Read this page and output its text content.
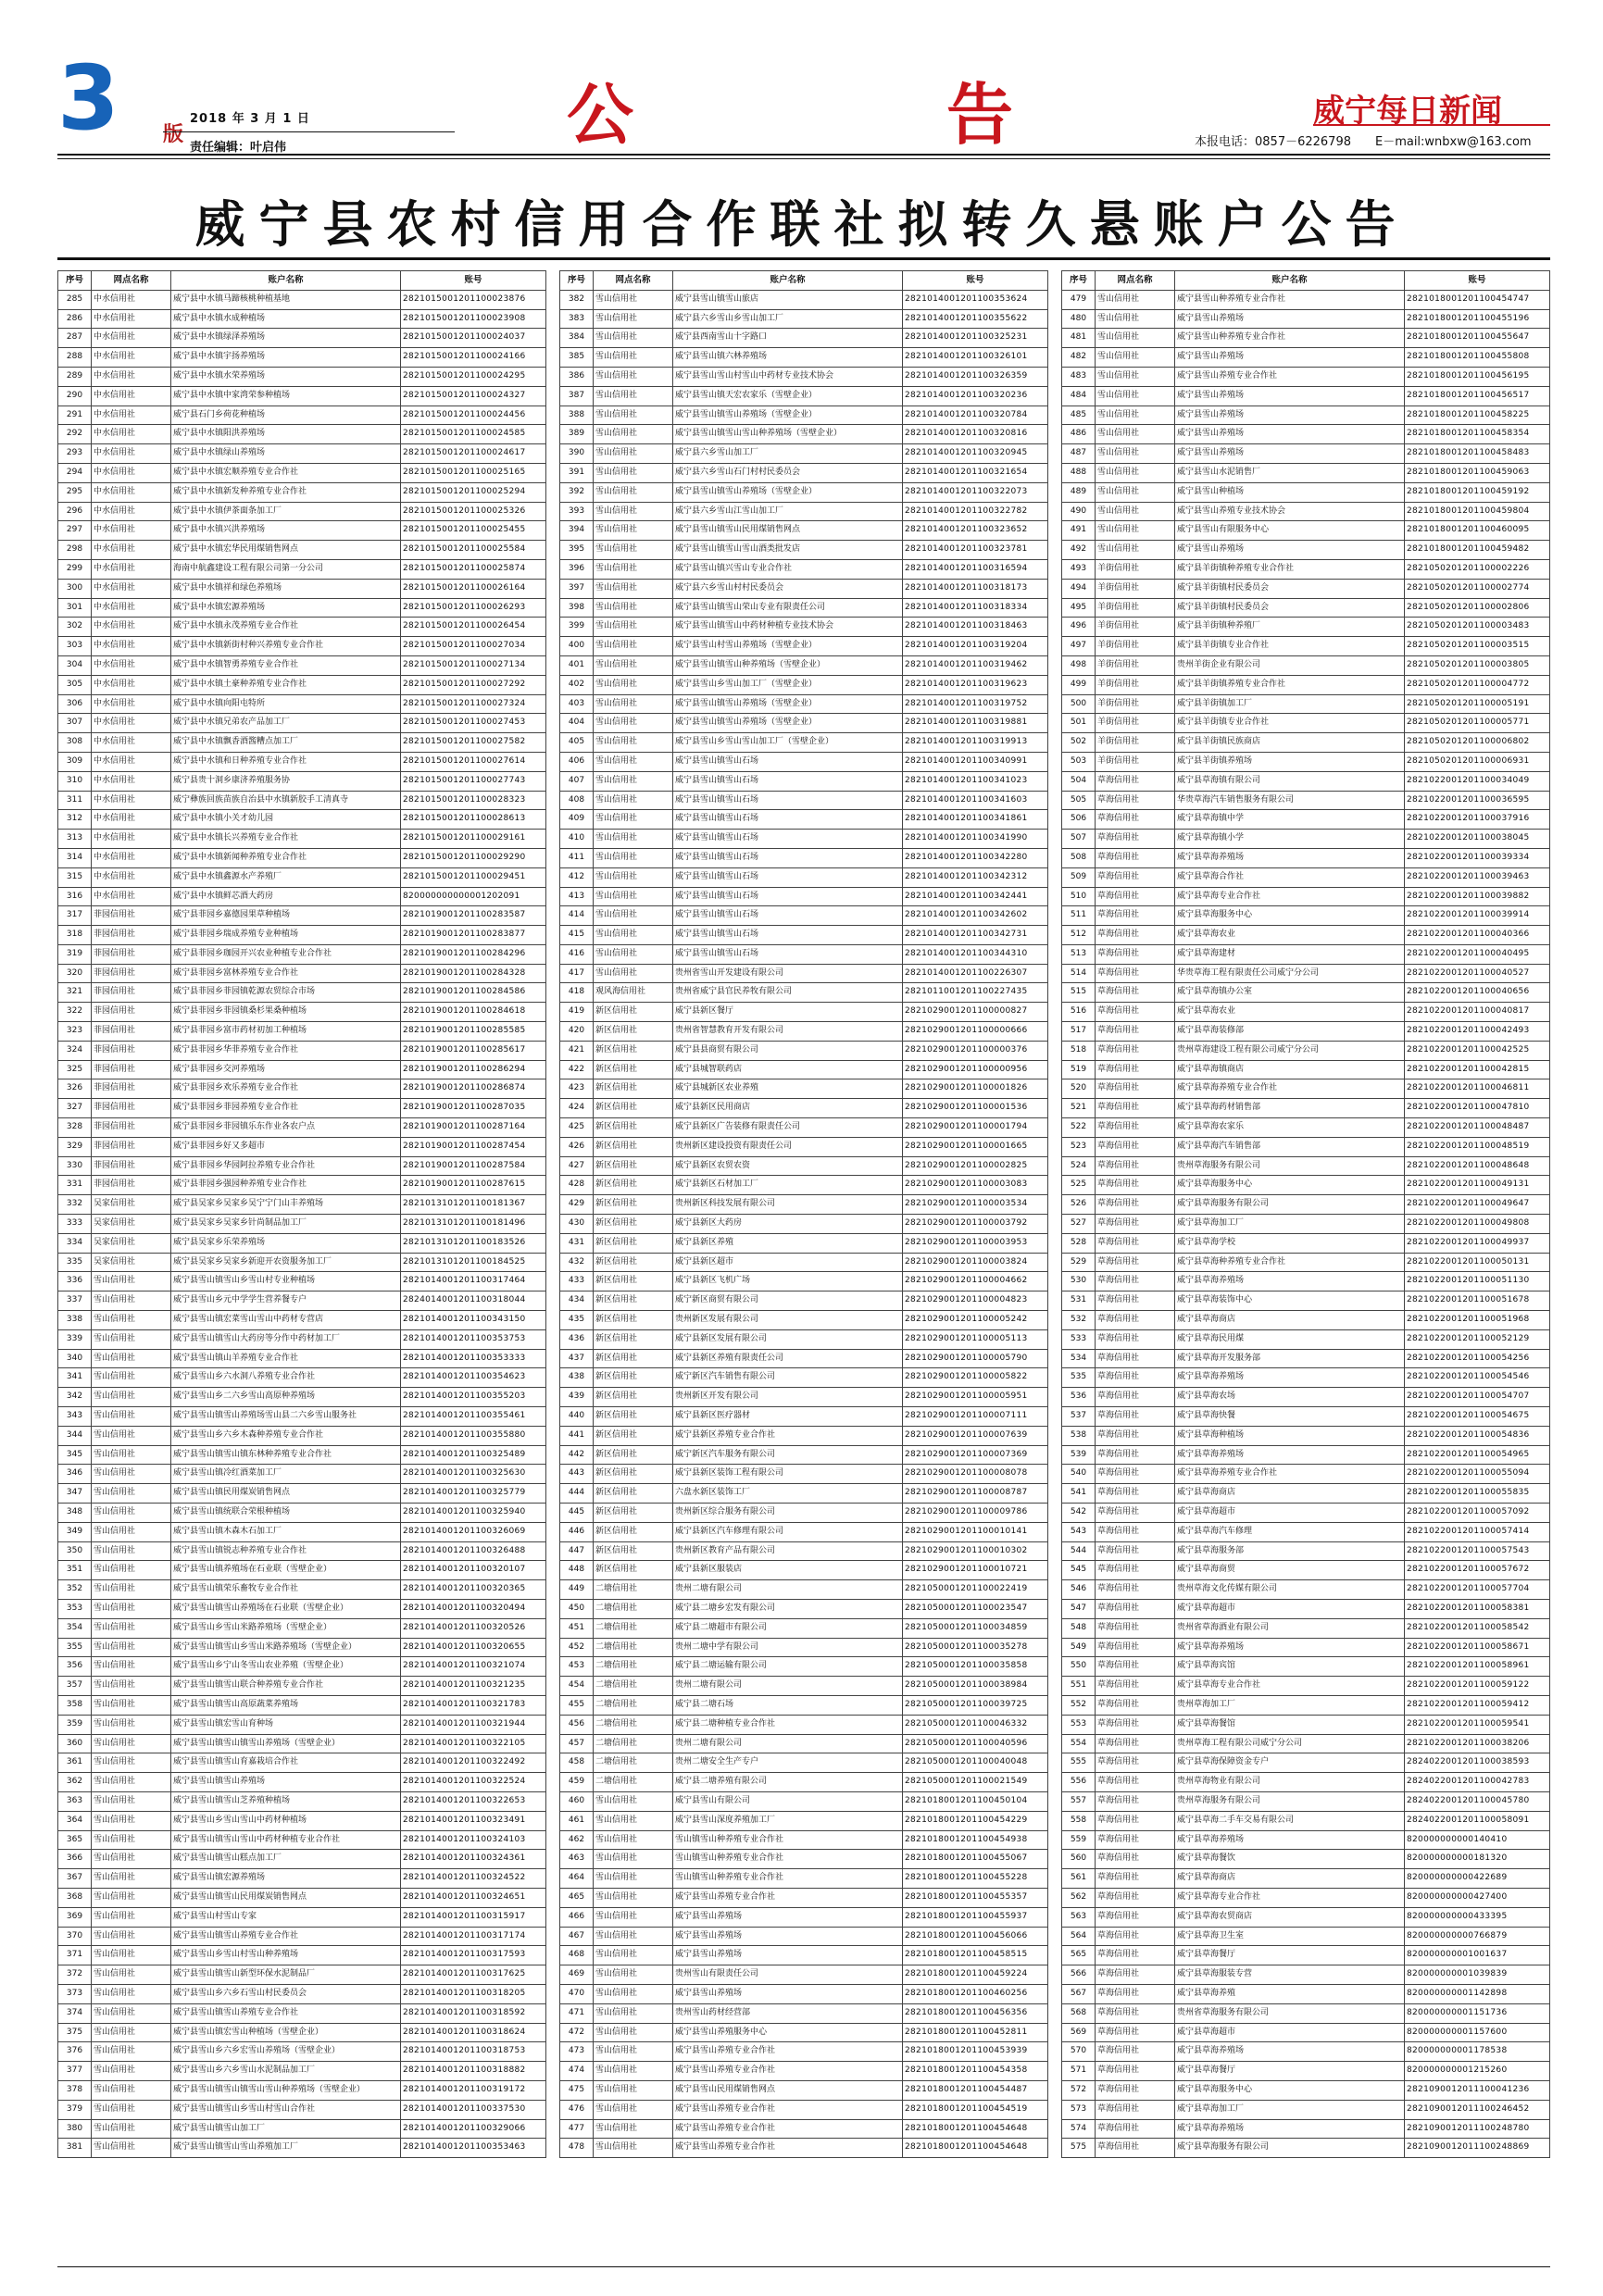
3 版
2018 年 3 月 1 日
责任编辑：叶启伟	公	告	威宁每日新闻
本报电话：0857－6226798　　E－mail:wnbxw@163.com
威宁县农村信用合作联社拟转久悬账户公告
序号	网点名称	账户名称	账号
285	中水信用社	威宁县中水镇马蹄核桃种植基地	2821015001201100023876
286	中水信用社	威宁县中水镇水成种植场	2821015001201100023908
287	中水信用社	威宁县中水镇绿泽养殖场	2821015001201100024037
288	中水信用社	威宁县中水镇宇扬养殖场	2821015001201100024166
289	中水信用社	威宁县中水镇水荣养殖场	2821015001201100024295
290	中水信用社	威宁县中水镇中家湾荣参种植场	2821015001201100024327
291	中水信用社	威宁县石门乡荷花种植场	2821015001201100024456
292	中水信用社	威宁县中水镇阳洪养殖场	2821015001201100024585
293	中水信用社	威宁县中水镇绿山养殖场	2821015001201100024617
294	中水信用社	威宁县中水镇宏顺养殖专业合作社	2821015001201100025165
295	中水信用社	威宁县中水镇新发种养殖专业合作社	2821015001201100025294
296	中水信用社	威宁县中水镇伊茶面条加工厂	2821015001201100025326
297	中水信用社	威宁县中水镇兴洪养殖场	2821015001201100025455
298	中水信用社	威宁县中水镇宏华民用煤销售网点	2821015001201100025584
299	中水信用社	海南中航鑫建设工程有限公司第一分公司	2821015001201100025874
300	中水信用社	威宁县中水镇祥和绿色养殖场	2821015001201100026164
301	中水信用社	威宁县中水镇宏源养殖场	2821015001201100026293
302	中水信用社	威宁县中水镇永茂养殖专业合作社	2821015001201100026454
303	中水信用社	威宁县中水镇新街村种兴养殖专业合作社	2821015001201100027034
304	中水信用社	威宁县中水镇智勇养殖专业合作社	2821015001201100027134
305	中水信用社	威宁县中水镇土豪种养殖专业合作社	2821015001201100027292
306	中水信用社	威宁县中水镇向阳屯特所	2821015001201100027324
307	中水信用社	威宁县中水镇兄弟农产品加工厂	2821015001201100027453
308	中水信用社	威宁县中水镇飘香酒酱糟点加工厂	2821015001201100027582
309	中水信用社	威宁县中水镇和日种养殖专业合作社	2821015001201100027614
310	中水信用社	威宁县贵十洞乡康济养殖服务协	2821015001201100027743
311	中水信用社	威宁彝族回族苗族自治县中水镇新胶手工清真寺	2821015001201100028323
312	中水信用社	威宁县中水镇小关才幼儿园	2821015001201100028613
313	中水信用社	威宁县中水镇长兴养殖专业合作社	2821015001201100029161
314	中水信用社	威宁县中水镇新闻种养殖专业合作社	2821015001201100029290
315	中水信用社	威宁县中水镇鑫源水产养殖厂	2821015001201100029451
316	中水信用社	威宁县中水镇鲜芯酒大药房	820000000000001202091
317	菲园信用社	威宁县菲园乡嘉德园果草种植场	2821019001201100283587
318	菲园信用社	威宁县菲园乡瑞成养殖专业种植场	2821019001201100283877
319	菲园信用社	威宁县菲园乡珈园开兴农业种植专业合作社	2821019001201100284296
320	菲园信用社	威宁县菲园乡富林养殖专业合作社	2821019001201100284328
321	菲园信用社	威宁县菲园乡菲园镇乾源农贸综合市场	2821019001201100284586
322	菲园信用社	威宁县菲园乡菲园镇桑杉果桑种植场	2821019001201100284618
323	菲园信用社	威宁县菲园乡富市药材初加工种植场	2821019001201100285585
324	菲园信用社	威宁县菲园乡华菲养殖专业合作社	2821019001201100285617
325	菲园信用社	威宁县菲园乡交河养殖场	2821019001201100286294
326	菲园信用社	威宁县菲园乡欢乐养殖专业合作社	2821019001201100286874
327	菲园信用社	威宁县菲园乡菲园养殖专业合作社	2821019001201100287035
328	菲园信用社	威宁县菲园乡菲园镇乐东作业各农户点	2821019001201100287164
329	菲园信用社	威宁县菲园乡好又多超市	2821019001201100287454
330	菲园信用社	威宁县菲园乡华园阿拉养殖专业合作社	2821019001201100287584
331	菲园信用社	威宁县菲园乡强园种养殖专业合作社	2821019001201100287615
332	吴家信用社	威宁县吴家乡吴家乡吴宁宁门山丰养殖场	2821013101201100181367
333	吴家信用社	威宁县吴家乡吴家乡针尚制品加工厂	2821013101201100181496
334	吴家信用社	威宁县吴家乡乐荣养殖场	2821013101201100183526
335	吴家信用社	威宁县吴家乡吴家乡新迎开农资服务加工厂	2821013101201100184525
336	雪山信用社	威宁县雪山镇雪山乡雪山村专业种植场	2821014001201100317464
337	雪山信用社	威宁县雪山乡元中学学生营养餐专户	2824014001201100318044
338	雪山信用社	威宁县雪山镇宏菜雪山雪山中药材专营店	2821014001201100343150
339	雪山信用社	威宁县雪山镇雪山大药房等分作中药材加工厂	2821014001201100353753
340	雪山信用社	威宁县雪山镇山羊养殖专业合作社	2821014001201100353333
341	雪山信用社	威宁县雪山乡六水洞八养殖专业合作社	2821014001201100354623
342	雪山信用社	威宁县雪山乡二六乡雪山高原种养殖场	2821014001201100355203
343	雪山信用社	威宁县雪山镇雪山养殖场雪山县二六乡雪山服务社	2821014001201100355461
344	雪山信用社	威宁县雪山乡六乡木森种养殖专业合作社	2821014001201100355880
345	雪山信用社	威宁县雪山镇雪山镇东林种养殖专业合作社	2821014001201100325489
346	雪山信用社	威宁县雪山镇冷红酒菜加工厂	2821014001201100325630
347	雪山信用社	威宁县雪山镇民用煤炭销售网点	2821014001201100325779
348	雪山信用社	威宁县雪山镇统联合荣根种植场	2821014001201100325940
349	雪山信用社	威宁县雪山镇木森木石加工厂	2821014001201100326069
350	雪山信用社	威宁县雪山镇锐志种养殖专业合作社	2821014001201100326488
351	雪山信用社	威宁县雪山镇养殖场在石业联（雪壁企业）	2821014001201100320107
352	雪山信用社	威宁县雪山镇荣乐畜牧专业合作社	2821014001201100320365
353	雪山信用社	威宁县雪山镇雪山养殖场在石业联（雪壁企业）	2821014001201100320494
354	雪山信用社	威宁县雪山乡雪山米路养殖场（雪壁企业）	2821014001201100320526
355	雪山信用社	威宁县雪山镇雪山乡雪山米路养殖场（雪壁企业）	2821014001201100320655
356	雪山信用社	威宁县雪山乡宁山冬雪山农业养殖（雪壁企业）	2821014001201100321074
357	雪山信用社	威宁县雪山镇雪山联合种养殖专业合作社	2821014001201100321235
358	雪山信用社	威宁县雪山镇雪山高原蔬菜养殖场	2821014001201100321783
359	雪山信用社	威宁县雪山镇宏雪山育种场	2821014001201100321944
360	雪山信用社	威宁县雪山镇雪山镇雪山养殖场（雪壁企业）	2821014001201100322105
361	雪山信用社	威宁县雪山镇雪山育嘉栽培合作社	2821014001201100322492
362	雪山信用社	威宁县雪山镇雪山养殖场	2821014001201100322524
363	雪山信用社	威宁县雪山镇雪山芝养殖种植场	2821014001201100322653
364	雪山信用社	威宁县雪山乡雪山雪山中药材种植场	2821014001201100323491
365	雪山信用社	威宁县雪山镇雪山雪山中药材种植专业合作社	2821014001201100324103
366	雪山信用社	威宁县雪山镇雪山糕点加工厂	2821014001201100324361
367	雪山信用社	威宁县雪山镇宏源养殖场	2821014001201100324522
368	雪山信用社	威宁县雪山镇雪山民用煤炭销售网点	2821014001201100324651
369	雪山信用社	威宁县雪山村雪山专家	2821014001201100315917
370	雪山信用社	威宁县雪山镇雪山养殖专业合作社	2821014001201100317174
371	雪山信用社	威宁县雪山乡雪山村雪山种养殖场	2821014001201100317593
372	雪山信用社	威宁县雪山镇雪山新型环保水泥制品厂	2821014001201100317625
373	雪山信用社	威宁县雪山乡六乡石雪山村民委员会	2821014001201100318205
374	雪山信用社	威宁县雪山镇雪山养殖专业合作社	2821014001201100318592
375	雪山信用社	威宁县雪山镇宏雪山种植场（雪壁企业）	2821014001201100318624
376	雪山信用社	威宁县雪山乡六乡宏雪山养殖场（雪壁企业）	2821014001201100318753
377	雪山信用社	威宁县雪山乡六乡雪山水泥制品加工厂	2821014001201100318882
378	雪山信用社	威宁县雪山镇雪山镇雪山雪山种养殖场（雪壁企业）	2821014001201100319172
379	雪山信用社	威宁县雪山镇雪山乡雪山村雪山合作社	2821014001201100337530
380	雪山信用社	威宁县雪山镇雪山加工厂	2821014001201100329066
381	雪山信用社	威宁县雪山镇雪山雪山养殖加工厂	2821014001201100353463
序号	网点名称	账户名称	账号
382	雪山信用社	威宁县雪山镇雪山旅店	2821014001201100353624
383	雪山信用社	威宁县六乡雪山乡雪山加工厂	2821014001201100355622
384	雪山信用社	威宁县西南雪山十字路口	2821014001201100325231
385	雪山信用社	威宁县雪山镇六林养殖场	2821014001201100326101
386	雪山信用社	威宁县雪山雪山村雪山中药材专业技术协会	2821014001201100326359
387	雪山信用社	威宁县雪山镇天宏农家乐（雪壁企业）	2821014001201100320236
388	雪山信用社	威宁县雪山镇雪山养殖场（雪壁企业）	2821014001201100320784
389	雪山信用社	威宁县雪山镇雪山雪山种养殖场（雪壁企业）	2821014001201100320816
390	雪山信用社	威宁县六乡雪山加工厂	2821014001201100320945
391	雪山信用社	威宁县六乡雪山石门村村民委员会	2821014001201100321654
392	雪山信用社	威宁县雪山镇雪山养殖场（雪壁企业）	2821014001201100322073
393	雪山信用社	威宁县六乡雪山江雪山加工厂	2821014001201100322782
394	雪山信用社	威宁县雪山镇雪山民用煤销售网点	2821014001201100323652
395	雪山信用社	威宁县雪山镇雪山雪山酒类批发店	2821014001201100323781
396	雪山信用社	威宁县雪山镇兴雪山专业合作社	2821014001201100316594
397	雪山信用社	威宁县六乡雪山村村民委员会	2821014001201100318173
398	雪山信用社	威宁县雪山镇雪山荣山专业有限责任公司	2821014001201100318334
399	雪山信用社	威宁县雪山镇雪山中药材种植专业技术协会	2821014001201100318463
400	雪山信用社	威宁县雪山村雪山养殖场（雪壁企业）	2821014001201100319204
401	雪山信用社	威宁县雪山镇雪山种养殖场（雪壁企业）	2821014001201100319462
402	雪山信用社	威宁县雪山乡雪山加工厂（雪壁企业）	2821014001201100319623
403	雪山信用社	威宁县雪山镇雪山养殖场（雪壁企业）	2821014001201100319752
404	雪山信用社	威宁县雪山镇雪山养殖场（雪壁企业）	2821014001201100319881
405	雪山信用社	威宁县雪山乡雪山雪山加工厂（雪壁企业）	2821014001201100319913
406	雪山信用社	威宁县雪山镇雪山石场	2821014001201100340991
407	雪山信用社	威宁县雪山镇雪山石场	2821014001201100341023
408	雪山信用社	威宁县雪山镇雪山石场	2821014001201100341603
409	雪山信用社	威宁县雪山镇雪山石场	2821014001201100341861
410	雪山信用社	威宁县雪山镇雪山石场	2821014001201100341990
411	雪山信用社	威宁县雪山镇雪山石场	2821014001201100342280
412	雪山信用社	威宁县雪山镇雪山石场	2821014001201100342312
413	雪山信用社	威宁县雪山镇雪山石场	2821014001201100342441
414	雪山信用社	威宁县雪山镇雪山石场	2821014001201100342602
415	雪山信用社	威宁县雪山镇雪山石场	2821014001201100342731
416	雪山信用社	威宁县雪山镇雪山石场	2821014001201100344310
417	雪山信用社	贵州省雪山开发建设有限公司	2821014001201100226307
418	观风海信用社	贵州省威宁县官民养牧有限公司	2821011001201100227435
419	新区信用社	威宁县新区餐厅	2821029001201100000827
420	新区信用社	贵州省智慧教育开发有限公司	2821029001201100000666
421	新区信用社	威宁县县商贸有限公司	2821029001201100000376
422	新区信用社	威宁县城智联药店	2821029001201100000956
423	新区信用社	威宁县城新区农业养殖	2821029001201100001826
424	新区信用社	威宁县新区民用商店	2821029001201100001536
425	新区信用社	威宁县新区广告装修有限责任公司	2821029001201100001794
426	新区信用社	贵州新区建设投资有限责任公司	2821029001201100001665
427	新区信用社	威宁县新区农贸农资	2821029001201100002825
428	新区信用社	威宁县新区石材加工厂	2821029001201100003083
429	新区信用社	贵州新区科技发展有限公司	2821029001201100003534
430	新区信用社	威宁县新区大药房	2821029001201100003792
431	新区信用社	威宁县新区养殖	2821029001201100003953
432	新区信用社	威宁县新区超市	2821029001201100003824
433	新区信用社	威宁县新区飞机广场	2821029001201100004662
434	新区信用社	威宁新区商贸有限公司	2821029001201100004823
435	新区信用社	贵州新区发展有限公司	2821029001201100005242
436	新区信用社	威宁县新区发展有限公司	2821029001201100005113
437	新区信用社	威宁县新区养殖有限责任公司	2821029001201100005790
438	新区信用社	威宁新区汽车销售有限公司	2821029001201100005822
439	新区信用社	贵州新区开发有限公司	2821029001201100005951
440	新区信用社	威宁县新区医疗器材	2821029001201100007111
441	新区信用社	威宁县新区养殖专业合作社	2821029001201100007639
442	新区信用社	威宁新区汽车服务有限公司	2821029001201100007369
443	新区信用社	威宁县新区装饰工程有限公司	2821029001201100008078
444	新区信用社	六盘水新区装饰工厂	2821029001201100008787
445	新区信用社	贵州新区综合服务有限公司	2821029001201100009786
446	新区信用社	威宁县新区汽车修理有限公司	2821029001201100010141
447	新区信用社	贵州新区教育产品有限公司	2821029001201100010302
448	新区信用社	威宁县新区服装店	2821029001201100010721
449	二塘信用社	贵州二塘有限公司	2821050001201100022419
450	二塘信用社	威宁县二塘乡宏发有限公司	2821050001201100023547
451	二塘信用社	威宁县二塘超市有限公司	2821050001201100034859
452	二塘信用社	贵州二塘中学有限公司	2821050001201100035278
453	二塘信用社	威宁县二塘运输有限公司	2821050001201100035858
454	二塘信用社	贵州二塘有限公司	2821050001201100038984
455	二塘信用社	威宁县二塘石场	2821050001201100039725
456	二塘信用社	威宁县二塘种植专业合作社	2821050001201100046332
457	二塘信用社	贵州二塘有限公司	2821050001201100040596
458	二塘信用社	贵州二塘安全生产专户	2821050001201100040048
459	二塘信用社	威宁县二塘养殖有限公司	2821050001201100021549
460	雪山信用社	威宁县雪山有限公司	2821018001201100450104
461	雪山信用社	威宁县雪山深度养殖加工厂	2821018001201100454229
462	雪山信用社	雪山镇雪山种养殖专业合作社	2821018001201100454938
463	雪山信用社	雪山镇雪山种养殖专业合作社	2821018001201100455067
464	雪山信用社	雪山镇雪山种养殖专业合作社	2821018001201100455228
465	雪山信用社	威宁县雪山养殖专业合作社	2821018001201100455357
466	雪山信用社	威宁县雪山养殖场	2821018001201100455937
467	雪山信用社	威宁县雪山养殖场	2821018001201100456066
468	雪山信用社	威宁县雪山养殖场	2821018001201100458515
469	雪山信用社	贵州雪山有限责任公司	2821018001201100459224
470	雪山信用社	威宁县雪山养殖场	2821018001201100460256
471	雪山信用社	贵州雪山药材经营部	2821018001201100456356
472	雪山信用社	威宁县雪山养殖服务中心	2821018001201100452811
473	雪山信用社	威宁县雪山养殖专业合作社	2821018001201100453939
474	雪山信用社	威宁县雪山养殖专业合作社	2821018001201100454358
475	雪山信用社	威宁县雪山民用煤销售网点	2821018001201100454487
476	雪山信用社	威宁县雪山养殖专业合作社	2821018001201100454519
477	雪山信用社	威宁县雪山养殖专业合作社	2821018001201100454648
478	雪山信用社	威宁县雪山养殖专业合作社	2821018001201100454648
序号	网点名称	账户名称	账号
479	雪山信用社	威宁县雪山种养殖专业合作社	2821018001201100454747
480	雪山信用社	威宁县雪山养殖场	2821018001201100455196
481	雪山信用社	威宁县雪山种养殖专业合作社	2821018001201100455647
482	雪山信用社	威宁县雪山养殖场	2821018001201100455808
483	雪山信用社	威宁县雪山养殖专业合作社	2821018001201100456195
484	雪山信用社	威宁县雪山养殖场	2821018001201100456517
485	雪山信用社	威宁县雪山养殖场	2821018001201100458225
486	雪山信用社	威宁县雪山养殖场	2821018001201100458354
487	雪山信用社	威宁县雪山养殖场	2821018001201100458483
488	雪山信用社	威宁县雪山水泥销售厂	2821018001201100459063
489	雪山信用社	威宁县雪山种植场	2821018001201100459192
490	雪山信用社	威宁县雪山养殖专业技术协会	2821018001201100459804
491	雪山信用社	威宁县雪山有限服务中心	2821018001201100460095
492	雪山信用社	威宁县雪山养殖场	2821018001201100459482
493	羊街信用社	威宁县羊街镇种养殖专业合作社	2821050201201100002226
494	羊街信用社	威宁县羊街镇村民委员会	2821050201201100002774
495	羊街信用社	威宁县羊街镇村民委员会	2821050201201100002806
496	羊街信用社	威宁县羊街镇种养殖厂	2821050201201100003483
497	羊街信用社	威宁县羊街镇专业合作社	2821050201201100003515
498	羊街信用社	贵州羊街企业有限公司	2821050201201100003805
499	羊街信用社	威宁县羊街镇养殖专业合作社	2821050201201100004772
500	羊街信用社	威宁县羊街镇加工厂	2821050201201100005191
501	羊街信用社	威宁县羊街镇专业合作社	2821050201201100005771
502	羊街信用社	威宁县羊街镇民族商店	2821050201201100006802
503	羊街信用社	威宁县羊街镇养殖场	2821050201201100006931
504	草海信用社	威宁县草海镇有限公司	2821022001201100034049
505	草海信用社	华贵草海汽车销售服务有限公司	2821022001201100036595
506	草海信用社	威宁县草海镇中学	2821022001201100037916
507	草海信用社	威宁县草海镇小学	2821022001201100038045
508	草海信用社	威宁县草海养殖场	2821022001201100039334
509	草海信用社	威宁县草海合作社	2821022001201100039463
510	草海信用社	威宁县草海专业合作社	2821022001201100039882
511	草海信用社	威宁县草海服务中心	2821022001201100039914
512	草海信用社	威宁县草海农业	2821022001201100040366
513	草海信用社	威宁县草海建材	2821022001201100040495
514	草海信用社	华贵草海工程有限责任公司威宁分公司	2821022001201100040527
515	草海信用社	威宁县草海镇办公室	2821022001201100040656
516	草海信用社	威宁县草海农业	2821022001201100040817
517	草海信用社	威宁县草海装修部	2821022001201100042493
518	草海信用社	贵州草海建设工程有限公司威宁分公司	2821022001201100042525
519	草海信用社	威宁县草海镇商店	2821022001201100042815
520	草海信用社	威宁县草海养殖专业合作社	2821022001201100046811
521	草海信用社	威宁县草海药材销售部	2821022001201100047810
522	草海信用社	威宁县草海农家乐	2821022001201100048487
523	草海信用社	威宁县草海汽车销售部	2821022001201100048519
524	草海信用社	贵州草海服务有限公司	2821022001201100048648
525	草海信用社	威宁县草海服务中心	2821022001201100049131
526	草海信用社	威宁县草海服务有限公司	2821022001201100049647
527	草海信用社	威宁县草海加工厂	2821022001201100049808
528	草海信用社	威宁县草海学校	2821022001201100049937
529	草海信用社	威宁县草海种养殖专业合作社	2821022001201100050131
530	草海信用社	威宁县草海养殖场	2821022001201100051130
531	草海信用社	威宁县草海装饰中心	2821022001201100051678
532	草海信用社	威宁县草海商店	2821022001201100051968
533	草海信用社	威宁县草海民用煤	2821022001201100052129
534	草海信用社	威宁县草海开发服务部	2821022001201100054256
535	草海信用社	威宁县草海养殖场	2821022001201100054546
536	草海信用社	威宁县草海农场	2821022001201100054707
537	草海信用社	威宁县草海快餐	2821022001201100054675
538	草海信用社	威宁县草海种植场	2821022001201100054836
539	草海信用社	威宁县草海养殖场	2821022001201100054965
540	草海信用社	威宁县草海养殖专业合作社	2821022001201100055094
541	草海信用社	威宁县草海商店	2821022001201100055835
542	草海信用社	威宁县草海超市	2821022001201100057092
543	草海信用社	威宁县草海汽车修理	2821022001201100057414
544	草海信用社	威宁县草海服务部	2821022001201100057543
545	草海信用社	威宁县草海商贸	2821022001201100057672
546	草海信用社	贵州草海文化传媒有限公司	2821022001201100057704
547	草海信用社	威宁县草海超市	2821022001201100058381
548	草海信用社	贵州省草海酒业有限公司	2821022001201100058542
549	草海信用社	威宁县草海养殖场	2821022001201100058671
550	草海信用社	威宁县草海宾馆	2821022001201100058961
551	草海信用社	威宁县草海专业合作社	2821022001201100059122
552	草海信用社	贵州草海加工厂	2821022001201100059412
553	草海信用社	威宁县草海餐馆	2821022001201100059541
554	草海信用社	贵州草海工程有限公司威宁分公司	2821022001201100038206
555	草海信用社	威宁县草海保障资金专户	2824022001201100038593
556	草海信用社	贵州草海物业有限公司	2824022001201100042783
557	草海信用社	贵州草海服务有限公司	2824022001201100045780
558	草海信用社	威宁县草海二手车交易有限公司	2824022001201100058091
559	草海信用社	威宁县草海养殖场	820000000000140410
560	草海信用社	威宁县草海餐饮	820000000000181320
561	草海信用社	威宁县草海商店	820000000000422689
562	草海信用社	威宁县草海专业合作社	820000000000427400
563	草海信用社	威宁县草海农贸商店	820000000000433395
564	草海信用社	威宁县草海卫生室	820000000000766879
565	草海信用社	威宁县草海餐厅	820000000001001637
566	草海信用社	威宁县草海服装专营	820000000001039839
567	草海信用社	威宁县草海养殖	820000000001142898
568	草海信用社	贵州省草海服务有限公司	820000000001151736
569	草海信用社	威宁县草海超市	820000000001157600
570	草海信用社	威宁县草海养殖场	820000000001178538
571	草海信用社	威宁县草海餐厅	820000000001215260
572	草海信用社	威宁县草海服务中心	2821090012011100041236
573	草海信用社	威宁县草海加工厂	2821090012011100246452
574	草海信用社	威宁县草海养殖场	2821090012011100248780
575	草海信用社	威宁县草海服务有限公司	2821090012011100248869
